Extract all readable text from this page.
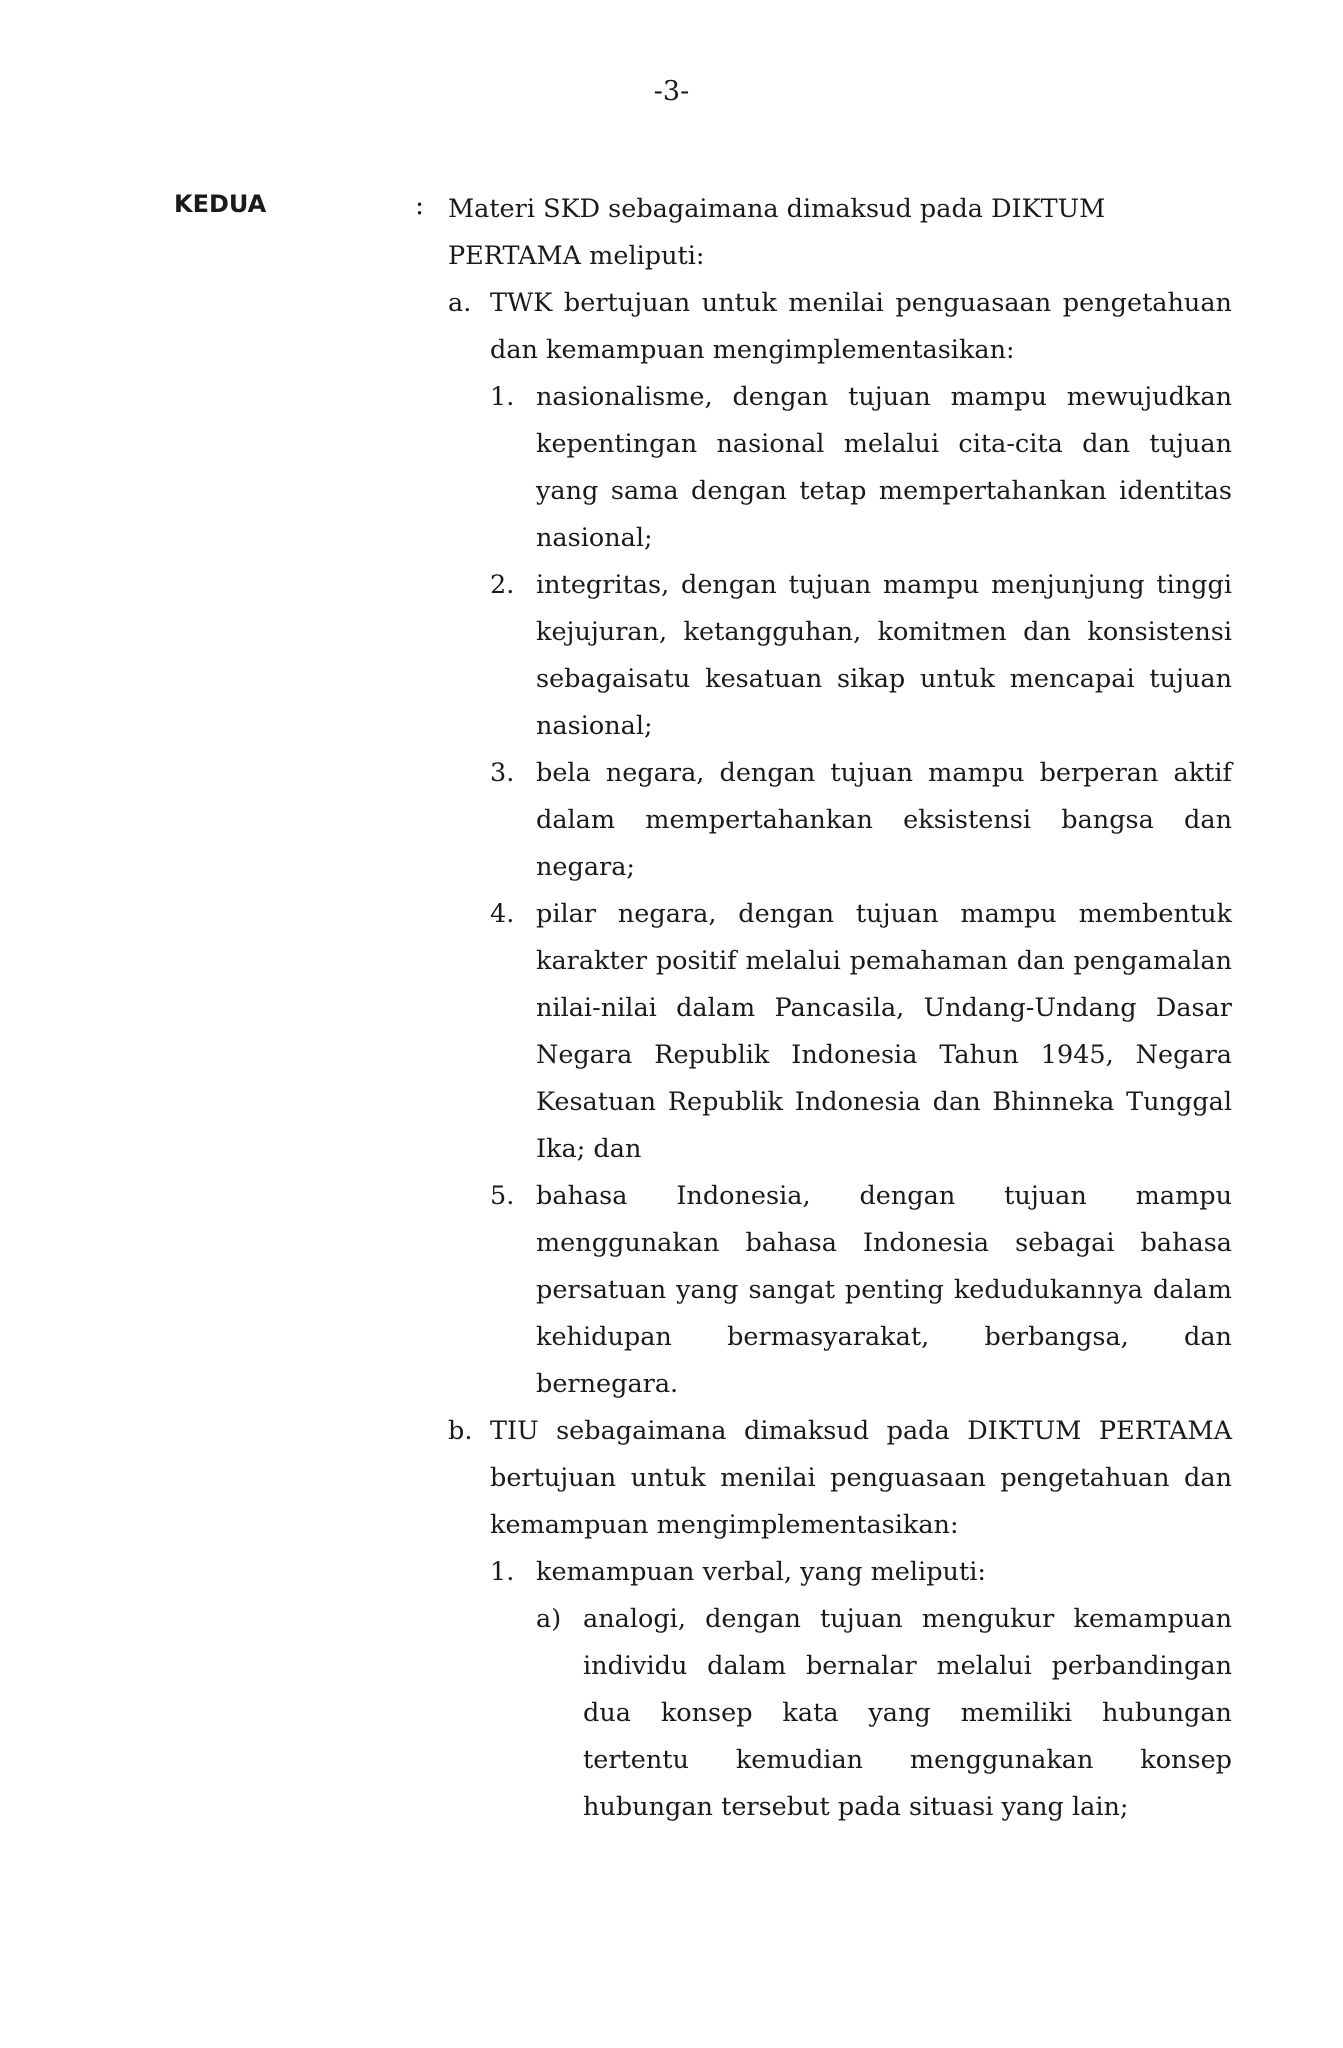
-3-
KEDUA	: Materi SKD sebagaimana dimaksud pada DIKTUM PERTAMA meliputi:

a. TWK bertujuan untuk menilai penguasaan pengetahuan dan kemampuan mengimplementasikan:
1. nasionalisme, dengan tujuan mampu mewujudkan kepentingan nasional melalui cita-cita dan tujuan yang sama dengan tetap mempertahankan identitas nasional;
2. integritas, dengan tujuan mampu menjunjung tinggi kejujuran, ketangguhan, komitmen dan konsistensi sebagaisatu kesatuan sikap untuk mencapai tujuan nasional;
3. bela negara, dengan tujuan mampu berperan aktif dalam mempertahankan eksistensi bangsa dan negara;
4. pilar negara, dengan tujuan mampu membentuk karakter positif melalui pemahaman dan pengamalan nilai-nilai dalam Pancasila, Undang-Undang Dasar Negara Republik Indonesia Tahun 1945, Negara Kesatuan Republik Indonesia dan Bhinneka Tunggal Ika; dan
5. bahasa Indonesia, dengan tujuan mampu menggunakan bahasa Indonesia sebagai bahasa persatuan yang sangat penting kedudukannya dalam kehidupan bermasyarakat, berbangsa, dan bernegara.
b. TIU sebagaimana dimaksud pada DIKTUM PERTAMA bertujuan untuk menilai penguasaan pengetahuan dan kemampuan mengimplementasikan:
1. kemampuan verbal, yang meliputi:
a) analogi, dengan tujuan mengukur kemampuan individu dalam bernalar melalui perbandingan dua konsep kata yang memiliki hubungan tertentu kemudian menggunakan konsep hubungan tersebut pada situasi yang lain;
